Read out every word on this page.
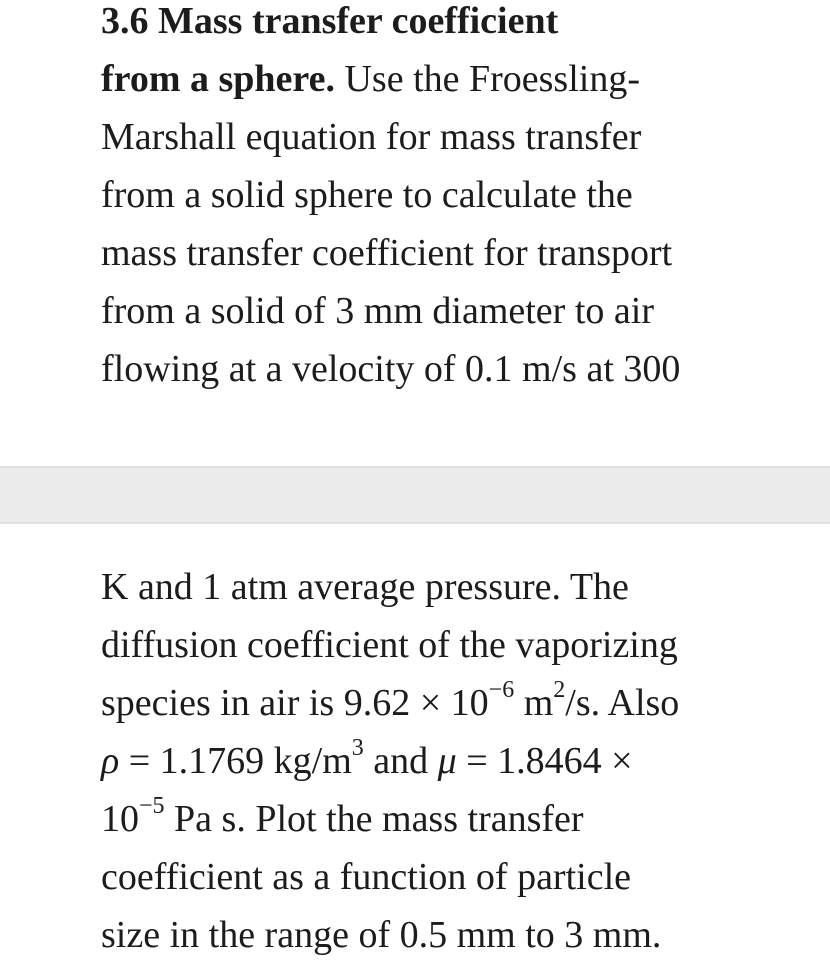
3.6 Mass transfer coefficient
from a sphere. Use the Froessling-
Marshall equation for mass transfer
from a solid sphere to calculate the
mass transfer coefficient for transport
from a solid of 3 mm diameter to air
flowing at a velocity of 0.1 m/s at 300
K and 1 atm average pressure. The
diffusion coefficient of the vaporizing
species in air is $9.62 \times 10^{-6}$ $m^2/s$. Also
ρ = 1.1769 $kg/m^3$ and μ = 1.8464 ×
$10^{-5}$ Pa s. Plot the mass transfer
coefficient as a function of particle
size in the range of 0.5 mm to 3 mm.
